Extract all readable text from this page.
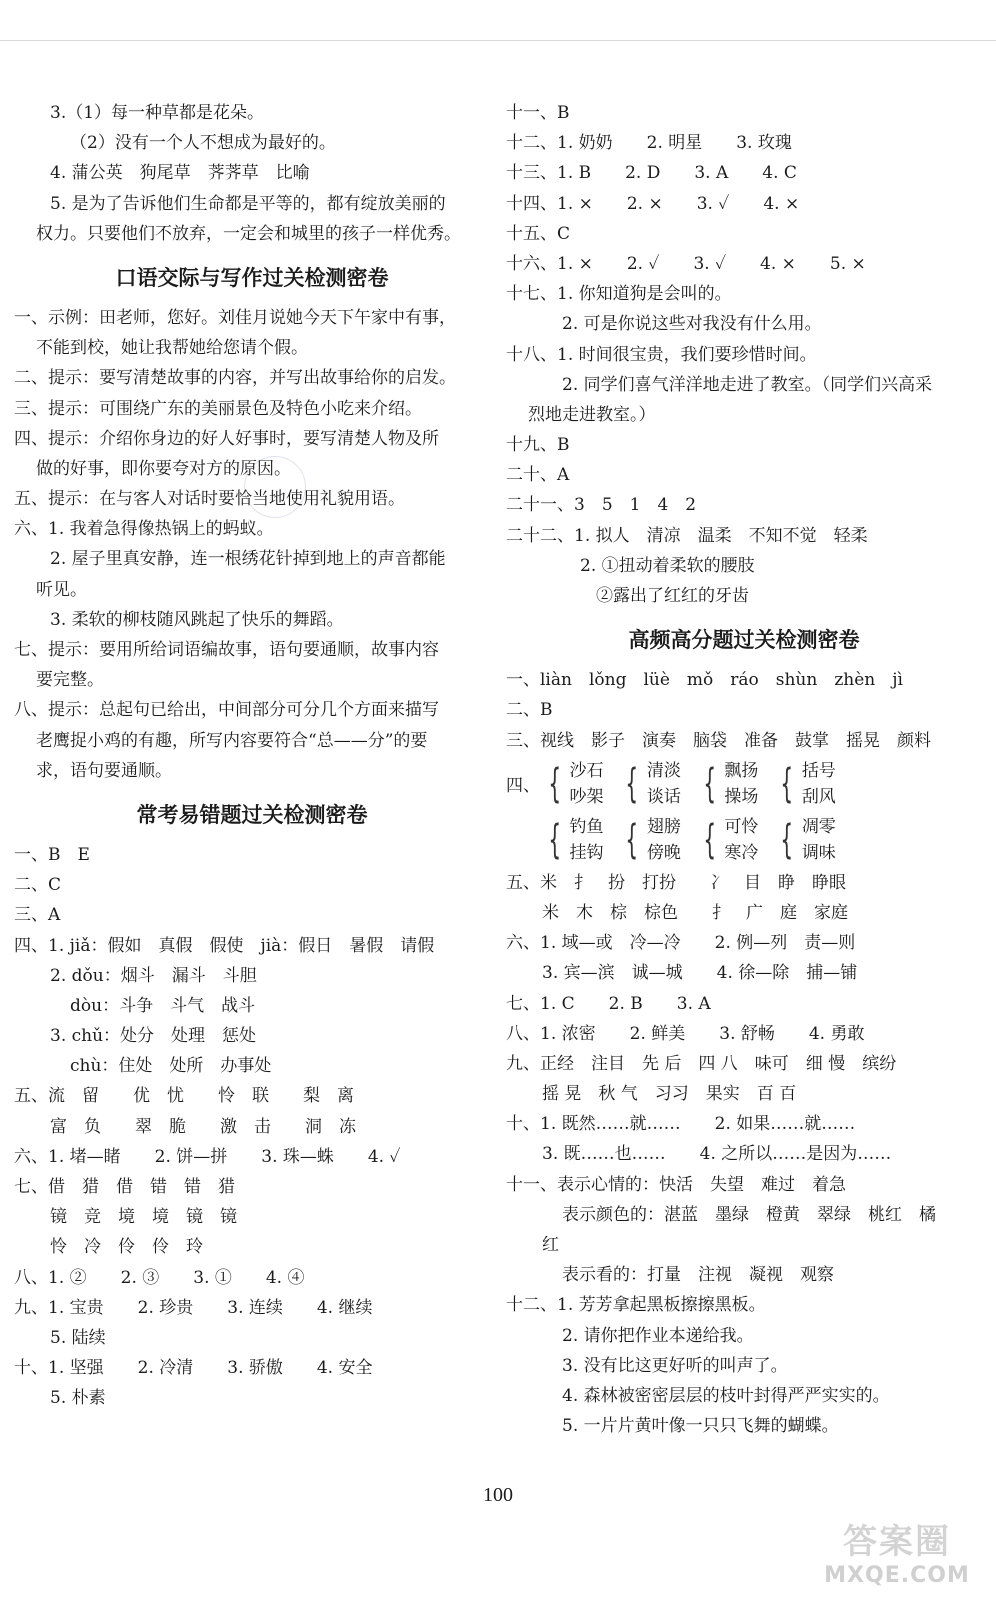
3.（1）每一种草都是花朵。
（2）没有一个人不想成为最好的。
4. 蒲公英　狗尾草　荠荠草　比喻
5. 是为了告诉他们生命都是平等的，都有绽放美丽的
权力。只要他们不放弃，一定会和城里的孩子一样优秀。
口语交际与写作过关检测密卷
一、示例：田老师，您好。刘佳月说她今天下午家中有事，
不能到校，她让我帮她给您请个假。
二、提示：要写清楚故事的内容，并写出故事给你的启发。
三、提示：可围绕广东的美丽景色及特色小吃来介绍。
四、提示：介绍你身边的好人好事时，要写清楚人物及所
做的好事，即你要夸对方的原因。
五、提示：在与客人对话时要恰当地使用礼貌用语。
六、1. 我着急得像热锅上的蚂蚁。
2. 屋子里真安静，连一根绣花针掉到地上的声音都能
听见。
3. 柔软的柳枝随风跳起了快乐的舞蹈。
七、提示：要用所给词语编故事，语句要通顺，故事内容
要完整。
八、提示：总起句已给出，中间部分可分几个方面来描写
老鹰捉小鸡的有趣，所写内容要符合“总——分”的要
求，语句要通顺。
常考易错题过关检测密卷
一、B　E
二、C
三、A
四、1. jiǎ：假如　真假　假使　jià：假日　暑假　请假
2. dǒu：烟斗　漏斗　斗胆
dòu：斗争　斗气　战斗
3. chǔ：处分　处理　惩处
chù：住处　处所　办事处
五、流　留　　优　忧　　怜　联　　梨　离
富　负　　翠　脆　　激　击　　洞　冻
六、1. 堵—睹　　2. 饼—拼　　3. 珠—蛛　　4. ✓
七、借　猎　借　错　错　猎
镜　竞　境　境　镜　镜
怜　冷　伶　伶　玲
八、1. ②　　2. ③　　3. ①　　4. ④
九、1. 宝贵　　2. 珍贵　　3. 连续　　4. 继续
5. 陆续
十、1. 坚强　　2. 冷清　　3. 骄傲　　4. 安全
5. 朴素
十一、B
十二、1. 奶奶　　2. 明星　　3. 玫瑰
十三、1. B　　2. D　　3. A　　4. C
十四、1. ×　　2. ×　　3. ✓　　4. ×
十五、C
十六、1. ×　　2. ✓　　3. ✓　　4. ×　　5. ×
十七、1. 你知道狗是会叫的。
2. 可是你说这些对我没有什么用。
十八、1. 时间很宝贵，我们要珍惜时间。
2. 同学们喜气洋洋地走进了教室。（同学们兴高采
烈地走进教室。）
十九、B
二十、A
二十一、3　5　1　4　2
二十二、1. 拟人　清凉　温柔　不知不觉　轻柔
2. ①扭动着柔软的腰肢
②露出了红红的牙齿
高频高分题过关检测密卷
一、liàn　lǒng　lüè　mǒ　ráo　shùn　zhèn　jì
二、B
三、视线　影子　演奏　脑袋　准备　鼓掌　摇晃　颜料
四、 { 沙石
吵架 { 清淡
谈话 { 飘扬
操场 { 括号
刮风
{ 钓鱼
挂钩 { 翅膀
傍晚 { 可怜
寒冷 { 凋零
调味
五、米　扌　扮　打扮　　冫　目　睁　睁眼
米　木　棕　棕色　　扌　广　庭　家庭
六、1. 域—或　冷—冷　　2. 例—列　责—则
3. 宾—滨　诚—城　　4. 徐—除　捕—铺
七、1. C　　2. B　　3. A
八、1. 浓密　　2. 鲜美　　3. 舒畅　　4. 勇敢
九、正经　注目　先 后　四 八　味可　细 慢　缤纷
摇 晃　秋 气　习习　果实　百 百
十、1. 既然……就……　　2. 如果……就……
3. 既……也……　　4. 之所以……是因为……
十一、表示心情的：快活　失望　难过　着急
表示颜色的：湛蓝　墨绿　橙黄　翠绿　桃红　橘
红
表示看的：打量　注视　凝视　观察
十二、1. 芳芳拿起黑板擦擦黑板。
2. 请你把作业本递给我。
3. 没有比这更好听的叫声了。
4. 森林被密密层层的枝叶封得严严实实的。
5. 一片片黄叶像一只只飞舞的蝴蝶。
100
答案圈
MXQE.COM
